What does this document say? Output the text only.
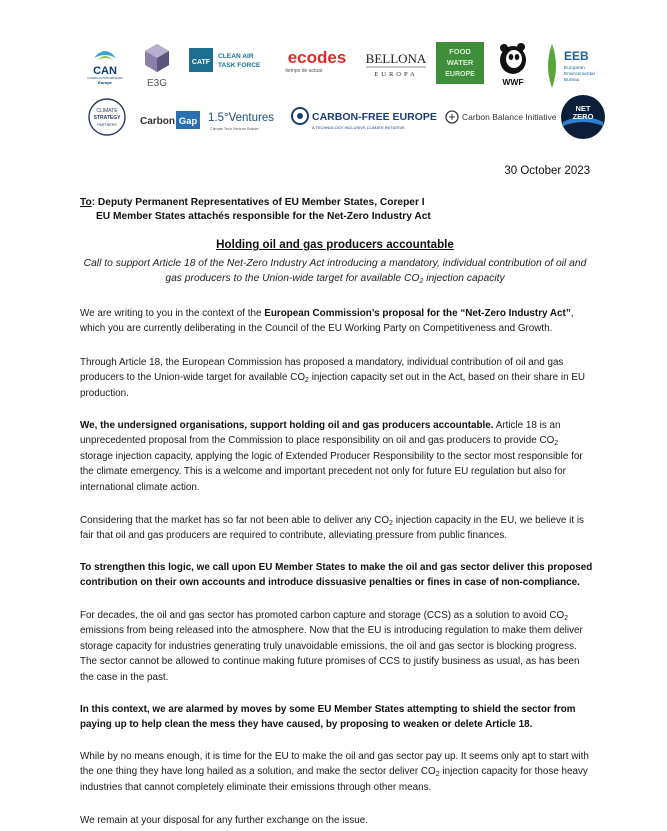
CAN
CLIMATE ACTION NETWORK
Europe	E3G
CATF
CLEAN AIR
TASK FORCE ecodes
tiempo de actuar
BELLONA
EUROPA
FOOD
WATER
EUROPE
WWF
EEB
European
Environmental
Bureau
CLIMATE
STRATEGY
PARTNERS Carbon Gap 1.5°Ventures
Climate Tech Venture Builder
CARBON-FREE EUROPE
A TECHNOLOGY INCLUSIVE CLIMATE INITIATIVE
Carbon Balance Initiative
NET
ZERO
30 October 2023
To: Deputy Permanent Representatives of EU Member States, Coreper I
EU Member States attachés responsible for the Net-Zero Industry Act
Holding oil and gas producers accountable
Call to support Article 18 of the Net-Zero Industry Act introducing a mandatory, individual contribution of oil and gas producers to the Union-wide target for available $CO_2$ injection capacity
We are writing to you in the context of the European Commission’s proposal for the “Net-Zero Industry Act”, which you are currently deliberating in the Council of the EU Working Party on Competitiveness and Growth.
Through Article 18, the European Commission has proposed a mandatory, individual contribution of oil and gas producers to the Union-wide target for available $CO_2$ injection capacity set out in the Act, based on their share in EU production.
We, the undersigned organisations, support holding oil and gas producers accountable. Article 18 is an unprecedented proposal from the Commission to place responsibility on oil and gas producers to provide $CO_2$ storage injection capacity, applying the logic of Extended Producer Responsibility to the sector most responsible for the climate emergency. This is a welcome and important precedent not only for future EU regulation but also for international climate action.
Considering that the market has so far not been able to deliver any $CO_2$ injection capacity in the EU, we believe it is fair that oil and gas producers are required to contribute, alleviating pressure from public finances.
To strengthen this logic, we call upon EU Member States to make the oil and gas sector deliver this proposed contribution on their own accounts and introduce dissuasive penalties or fines in case of non-compliance.
For decades, the oil and gas sector has promoted carbon capture and storage (CCS) as a solution to avoid $CO_2$ emissions from being released into the atmosphere. Now that the EU is introducing regulation to make them deliver storage capacity for industries generating truly unavoidable emissions, the oil and gas sector is blocking progress. The sector cannot be allowed to continue making future promises of CCS to justify business as usual, as has been the case in the past.
In this context, we are alarmed by moves by some EU Member States attempting to shield the sector from paying up to help clean the mess they have caused, by proposing to weaken or delete Article 18.
While by no means enough, it is time for the EU to make the oil and gas sector pay up. It seems only apt to start with the one thing they have long hailed as a solution, and make the sector deliver $CO_2$ injection capacity for those heavy industries that cannot completely eliminate their emissions through other means.
We remain at your disposal for any further exchange on the issue.
